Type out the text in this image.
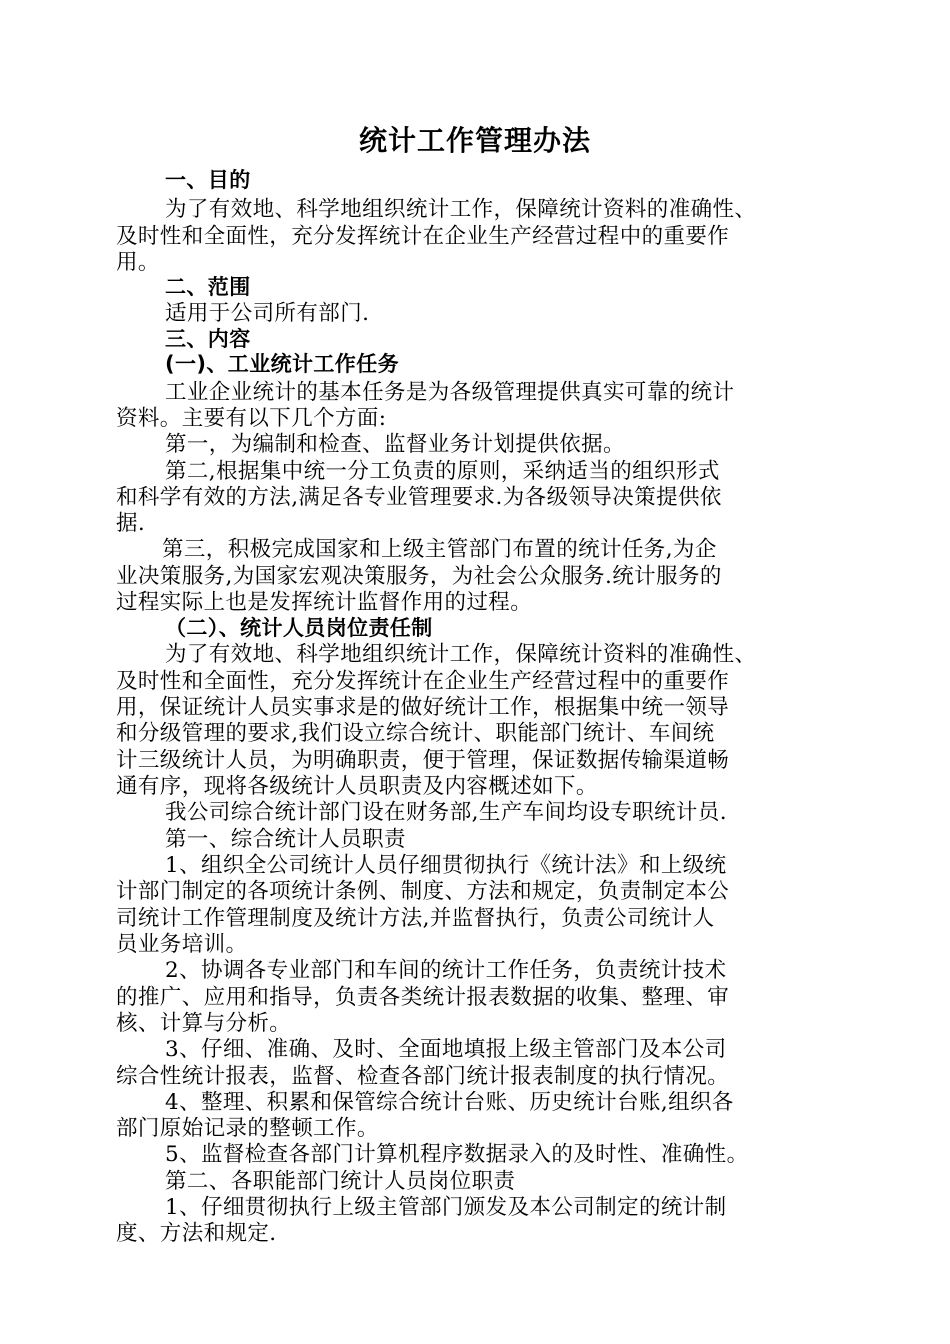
统计工作管理办法
一、目的
为了有效地、科学地组织统计工作，保障统计资料的准确性、
及时性和全面性，充分发挥统计在企业生产经营过程中的重要作
用。
二、范围
适用于公司所有部门.
三、内容
(一)、工业统计工作任务
工业企业统计的基本任务是为各级管理提供真实可靠的统计
资料。主要有以下几个方面:
第一，为编制和检查、监督业务计划提供依据。
第二,根据集中统一分工负责的原则，采纳适当的组织形式
和科学有效的方法,满足各专业管理要求.为各级领导决策提供依
据.
第三，积极完成国家和上级主管部门布置的统计任务,为企
业决策服务,为国家宏观决策服务，为社会公众服务.统计服务的
过程实际上也是发挥统计监督作用的过程。
（二）、统计人员岗位责任制
为了有效地、科学地组织统计工作，保障统计资料的准确性、
及时性和全面性，充分发挥统计在企业生产经营过程中的重要作
用，保证统计人员实事求是的做好统计工作，根据集中统一领导
和分级管理的要求,我们设立综合统计、职能部门统计、车间统
计三级统计人员，为明确职责，便于管理，保证数据传输渠道畅
通有序，现将各级统计人员职责及内容概述如下。
我公司综合统计部门设在财务部,生产车间均设专职统计员.
第一、综合统计人员职责
1、组织全公司统计人员仔细贯彻执行《统计法》和上级统
计部门制定的各项统计条例、制度、方法和规定，负责制定本公
司统计工作管理制度及统计方法,并监督执行，负责公司统计人
员业务培训。
2、协调各专业部门和车间的统计工作任务，负责统计技术
的推广、应用和指导，负责各类统计报表数据的收集、整理、审
核、计算与分析。
3、仔细、准确、及时、全面地填报上级主管部门及本公司
综合性统计报表，监督、检查各部门统计报表制度的执行情况。
4、整理、积累和保管综合统计台账、历史统计台账,组织各
部门原始记录的整顿工作。
5、监督检查各部门计算机程序数据录入的及时性、准确性。
第二、各职能部门统计人员岗位职责
1、仔细贯彻执行上级主管部门颁发及本公司制定的统计制
度、方法和规定.
